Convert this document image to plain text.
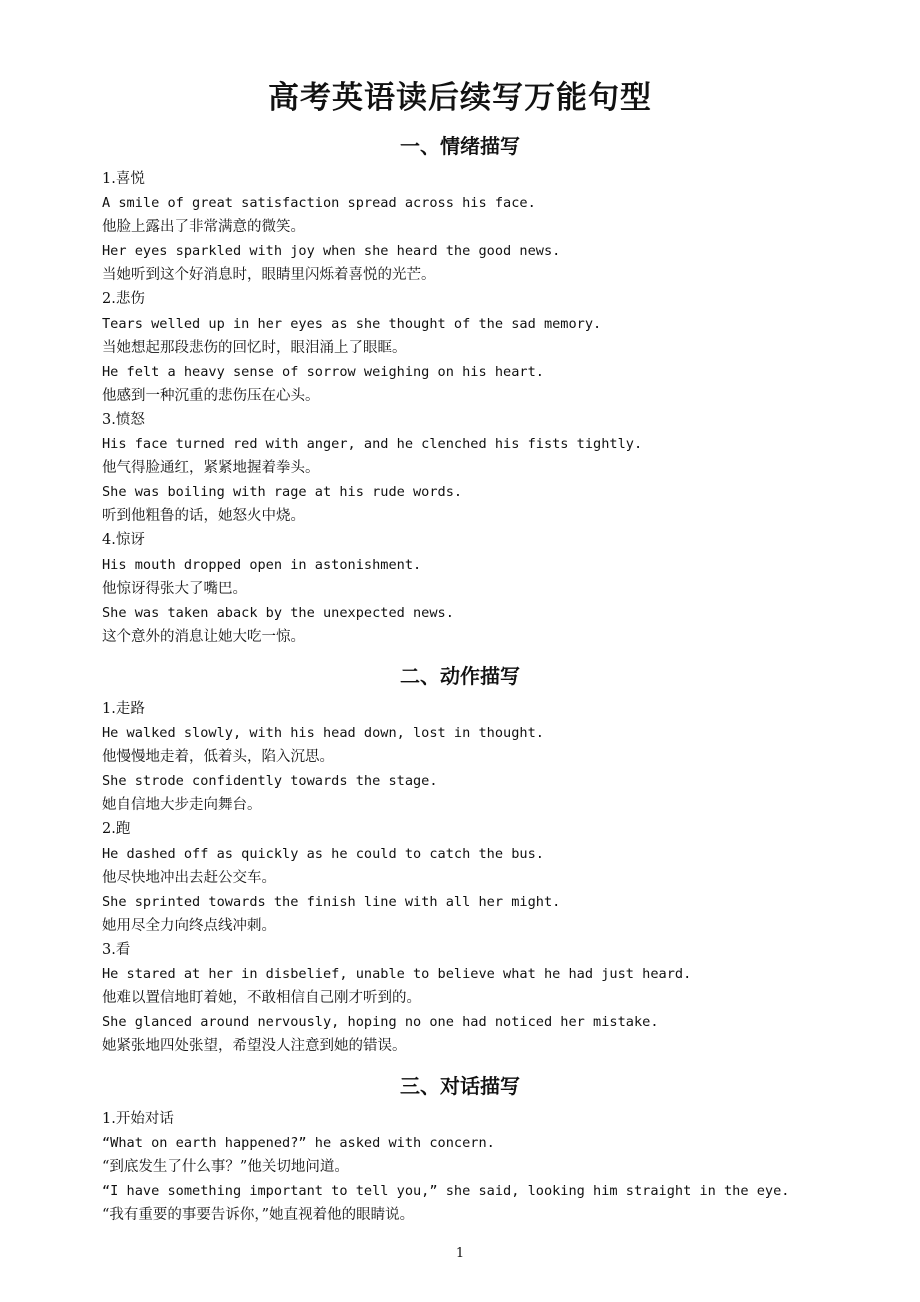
高考英语读后续写万能句型
一、情绪描写
1.喜悦
A smile of great satisfaction spread across his face.
他脸上露出了非常满意的微笑。
Her eyes sparkled with joy when she heard the good news.
当她听到这个好消息时，眼睛里闪烁着喜悦的光芒。
2.悲伤
Tears welled up in her eyes as she thought of the sad memory.
当她想起那段悲伤的回忆时，眼泪涌上了眼眶。
He felt a heavy sense of sorrow weighing on his heart.
他感到一种沉重的悲伤压在心头。
3.愤怒
His face turned red with anger, and he clenched his fists tightly.
他气得脸通红，紧紧地握着拳头。
She was boiling with rage at his rude words.
听到他粗鲁的话，她怒火中烧。
4.惊讶
His mouth dropped open in astonishment.
他惊讶得张大了嘴巴。
She was taken aback by the unexpected news.
这个意外的消息让她大吃一惊。
二、动作描写
1.走路
He walked slowly, with his head down, lost in thought.
他慢慢地走着，低着头，陷入沉思。
She strode confidently towards the stage.
她自信地大步走向舞台。
2.跑
He dashed off as quickly as he could to catch the bus.
他尽快地冲出去赶公交车。
She sprinted towards the finish line with all her might.
她用尽全力向终点线冲刺。
3.看
He stared at her in disbelief, unable to believe what he had just heard.
他难以置信地盯着她，不敢相信自己刚才听到的。
She glanced around nervously, hoping no one had noticed her mistake.
她紧张地四处张望，希望没人注意到她的错误。
三、对话描写
1.开始对话
“What on earth happened?” he asked with concern.
“到底发生了什么事？”他关切地问道。
“I have something important to tell you,” she said, looking him straight in the eye.
“我有重要的事要告诉你，”她直视着他的眼睛说。
1
